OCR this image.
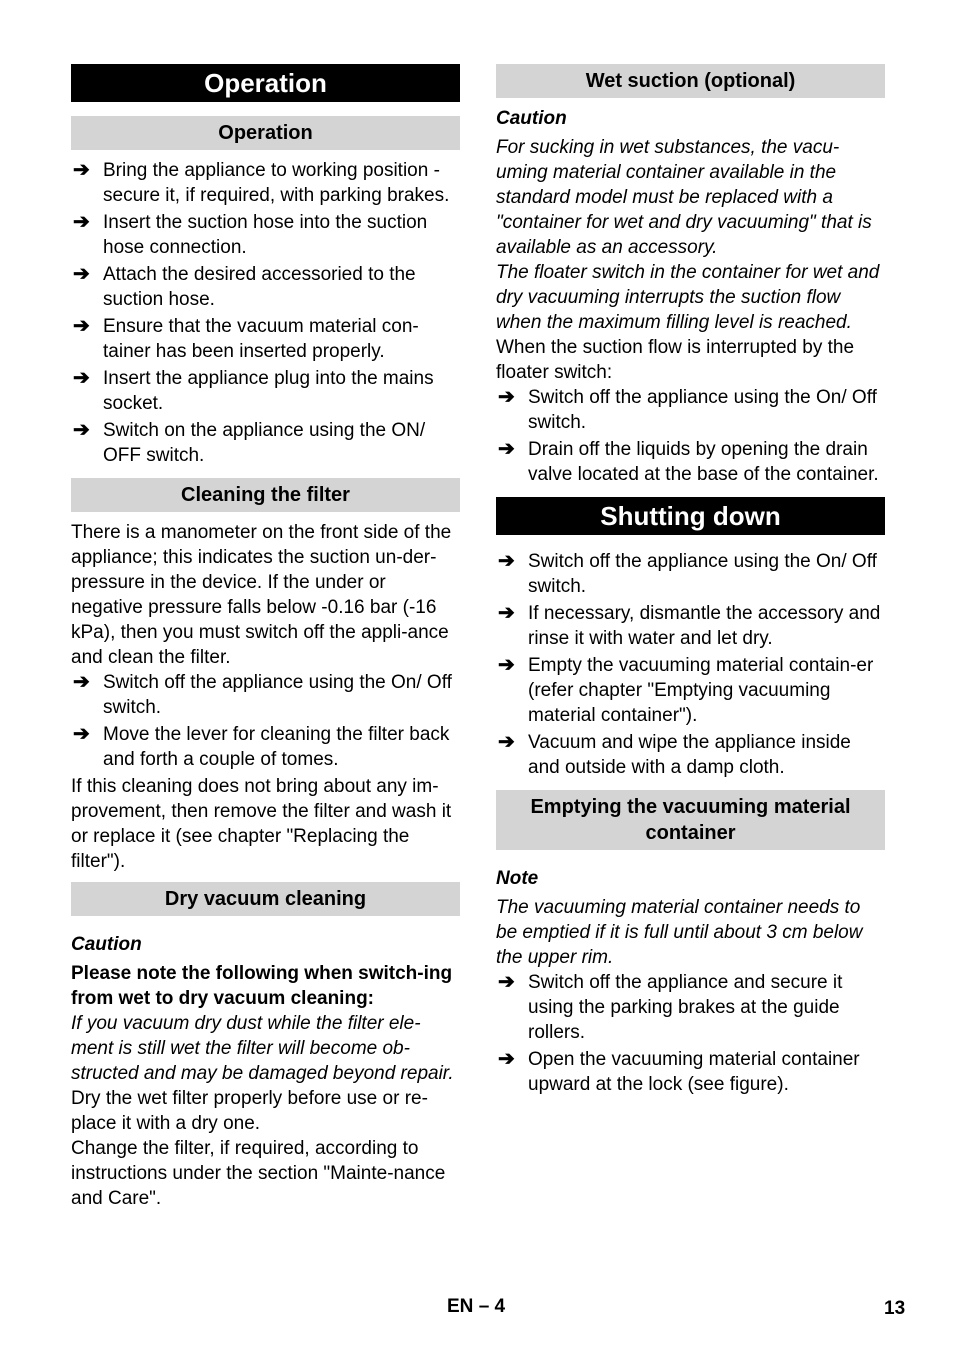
Operation
Operation
➔ Bring the appliance to working position - secure it, if required, with parking brakes.
➔ Insert the suction hose into the suction hose connection.
➔ Attach the desired accessoried to the suction hose.
➔ Ensure that the vacuum material con-tainer has been inserted properly.
➔ Insert the appliance plug into the mains socket.
➔ Switch on the appliance using the ON/ OFF switch.
Cleaning the filter

There is a manometer on the front side of the appliance; this indicates the suction un-der-pressure in the device. If the under or negative pressure falls below -0.16 bar (-16 kPa), then you must switch off the appli-ance and clean the filter.

➔ Switch off the appliance using the On/ Off switch.
➔ Move the lever for cleaning the filter back and forth a couple of tomes.

If this cleaning does not bring about any im-provement, then remove the filter and wash it or replace it (see chapter "Replacing the filter").

Dry vacuum cleaning

Caution

Please note the following when switch-ing from wet to dry vacuum cleaning:

If you vacuum dry dust while the filter ele-ment is still wet the filter will become ob-structed and may be damaged beyond repair.

Dry the wet filter properly before use or re-place it with a dry one.

Change the filter, if required, according to instructions under the section "Mainte-nance and Care".

Wet suction (optional)

Caution

For sucking in wet substances, the vacu-uming material container available in the standard model must be replaced with a "container for wet and dry vacuuming" that is available as an accessory.

The floater switch in the container for wet and dry vacuuming interrupts the suction flow when the maximum filling level is reached.

When the suction flow is interrupted by the floater switch:

➔ Switch off the appliance using the On/ Off switch.
➔ Drain off the liquids by opening the drain valve located at the base of the container.
Shutting down
➔ Switch off the appliance using the On/ Off switch.
➔ If necessary, dismantle the accessory and rinse it with water and let dry.
➔ Empty the vacuuming material contain-er (refer chapter "Emptying vacuuming material container").
➔ Vacuum and wipe the appliance inside and outside with a damp cloth.
Emptying the vacuuming material container

Note

The vacuuming material container needs to be emptied if it is full until about 3 cm below the upper rim.

➔ Switch off the appliance and secure it using the parking brakes at the guide rollers.
➔ Open the vacuuming material container upward at the lock (see figure).
EN – 4	13
